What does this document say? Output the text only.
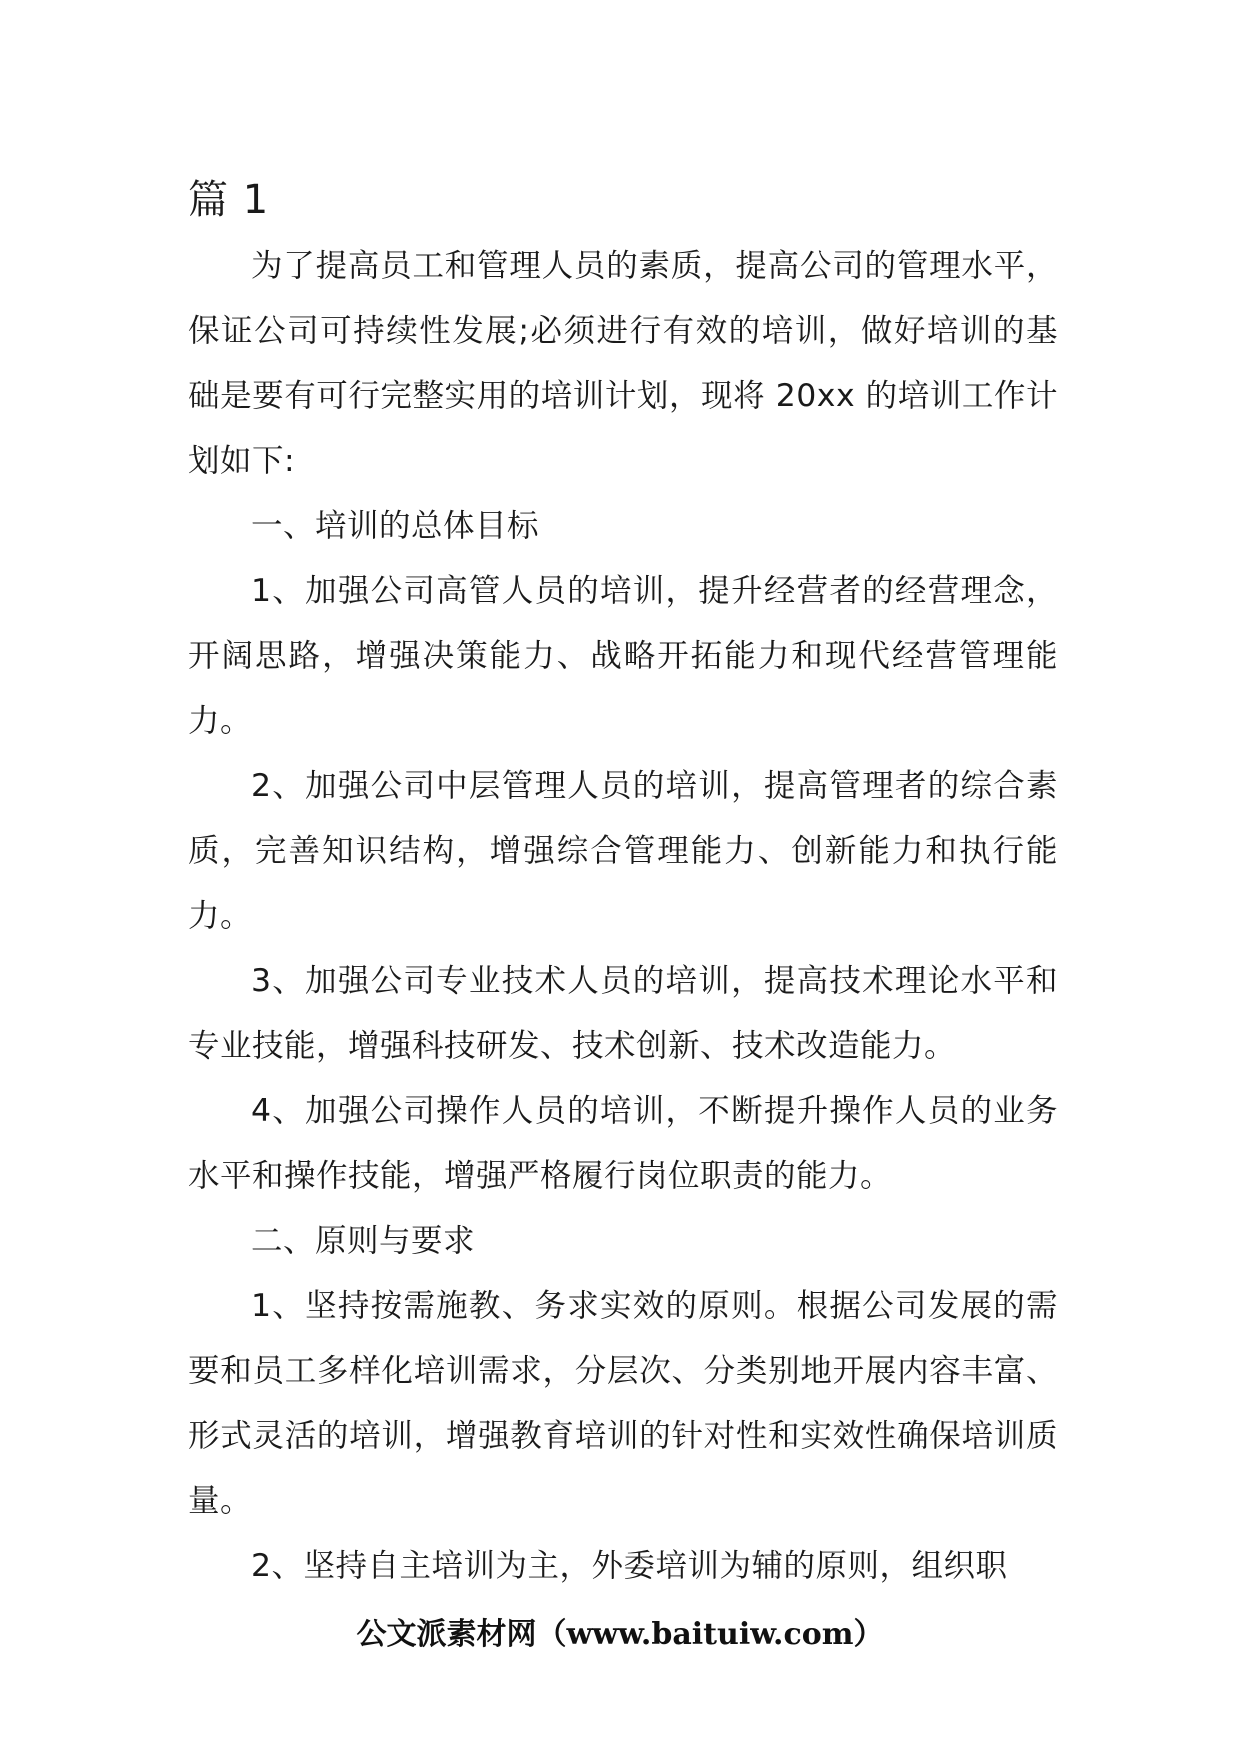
篇 1

为了提高员工和管理人员的素质，提高公司的管理水平，保证公司可持续性发展;必须进行有效的培训，做好培训的基础是要有可行完整实用的培训计划，现将 20xx 的培训工作计划如下:

一、培训的总体目标

1、加强公司高管人员的培训，提升经营者的经营理念，开阔思路，增强决策能力、战略开拓能力和现代经营管理能力。

2、加强公司中层管理人员的培训，提高管理者的综合素质，完善知识结构，增强综合管理能力、创新能力和执行能力。

3、加强公司专业技术人员的培训，提高技术理论水平和专业技能，增强科技研发、技术创新、技术改造能力。

4、加强公司操作人员的培训，不断提升操作人员的业务水平和操作技能，增强严格履行岗位职责的能力。

二、原则与要求

1、坚持按需施教、务求实效的原则。根据公司发展的需要和员工多样化培训需求，分层次、分类别地开展内容丰富、形式灵活的培训，增强教育培训的针对性和实效性确保培训质量。

2、坚持自主培训为主，外委培训为辅的原则，组织职

公文派素材网（www.baituiw.com）
